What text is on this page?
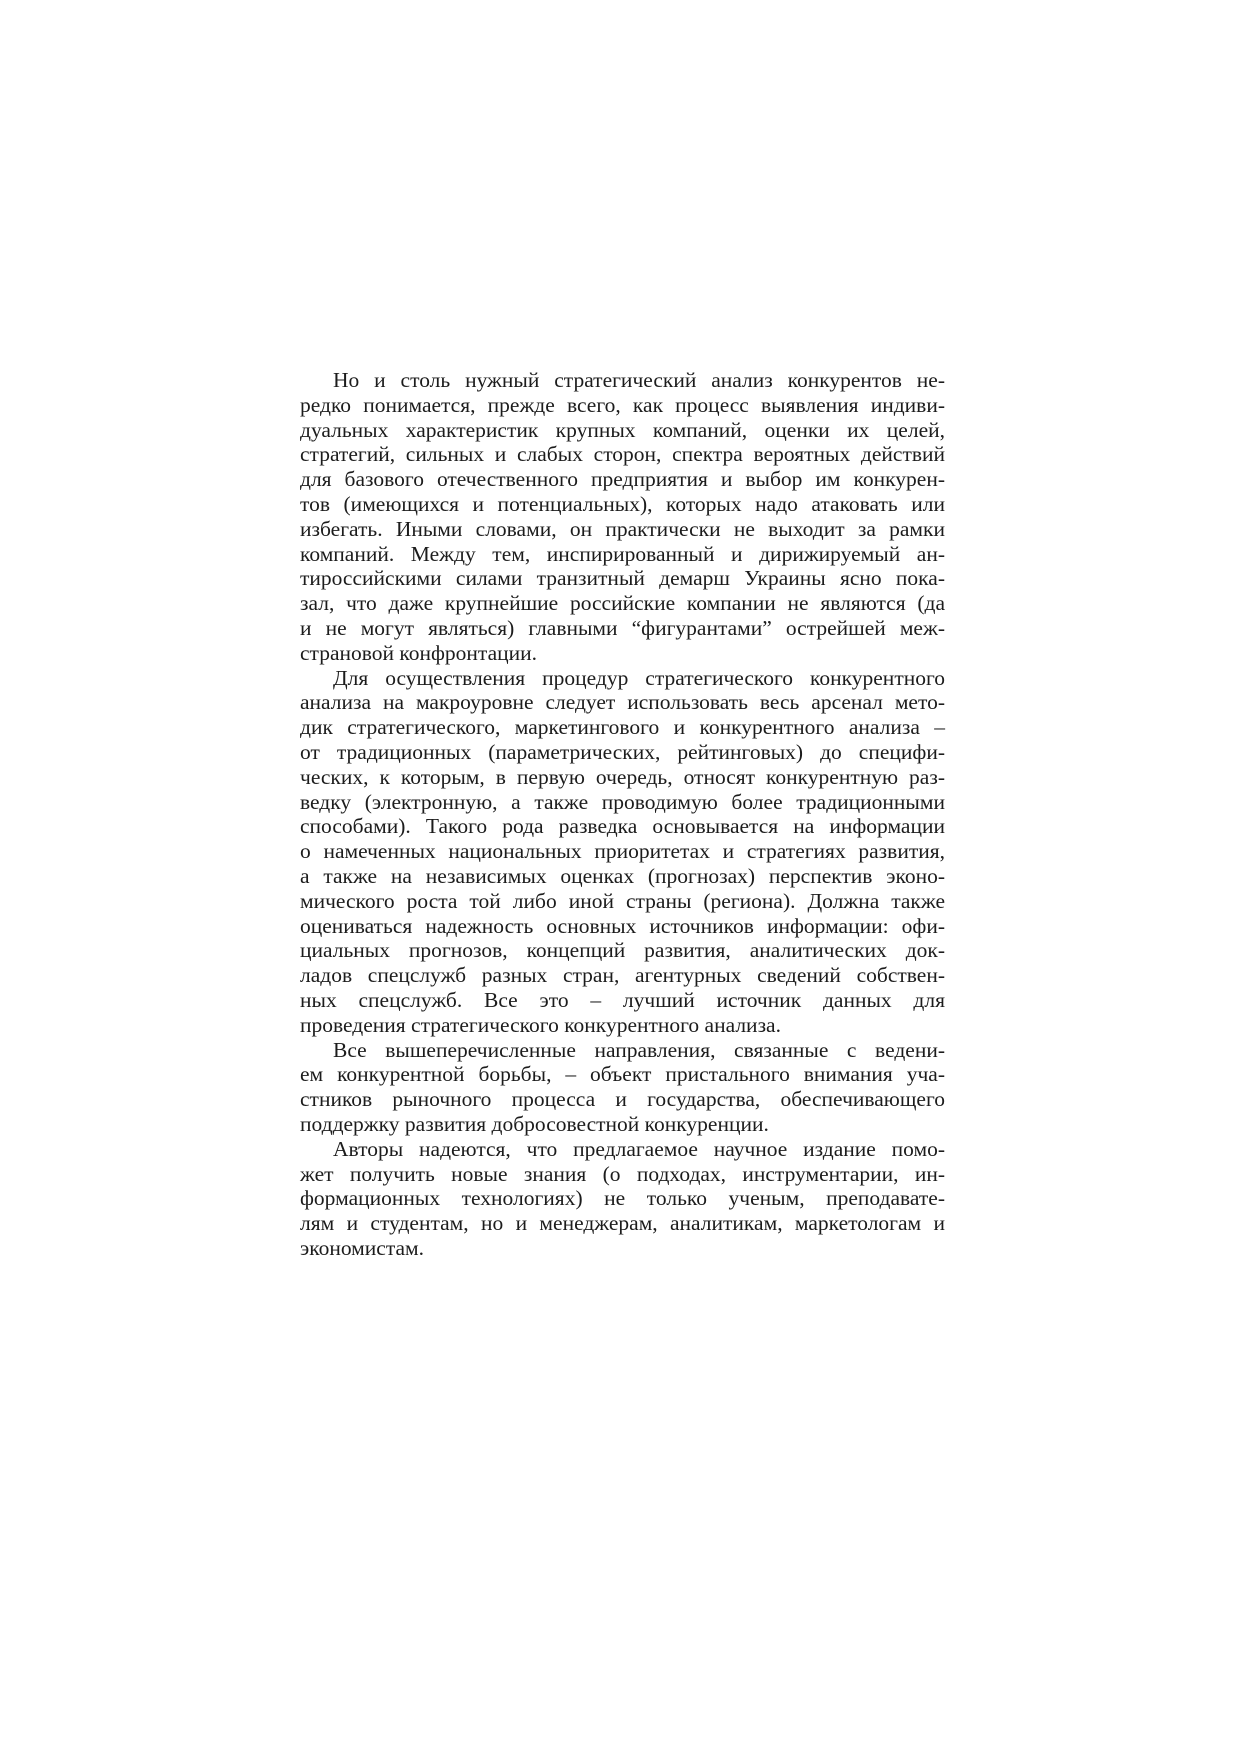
Но и столь нужный стратегический анализ конкурентов не-
редко понимается, прежде всего, как процесс выявления индиви-
дуальных характеристик крупных компаний, оценки их целей,
стратегий, сильных и слабых сторон, спектра вероятных действий
для базового отечественного предприятия и выбор им конкурен-
тов (имеющихся и потенциальных), которых надо атаковать или
избегать. Иными словами, он практически не выходит за рамки
компаний. Между тем, инспирированный и дирижируемый ан-
тироссийскими силами транзитный демарш Украины ясно пока-
зал, что даже крупнейшие российские компании не являются (да
и не могут являться) главными “фигурантами” острейшей меж-
страновой конфронтации.
Для осуществления процедур стратегического конкурентного
анализа на макроуровне следует использовать весь арсенал мето-
дик стратегического, маркетингового и конкурентного анализа –
от традиционных (параметрических, рейтинговых) до специфи-
ческих, к которым, в первую очередь, относят конкурентную раз-
ведку (электронную, а также проводимую более традиционными
способами). Такого рода разведка основывается на информации
о намеченных национальных приоритетах и стратегиях развития,
а также на независимых оценках (прогнозах) перспектив эконо-
мического роста той либо иной страны (региона). Должна также
оцениваться надежность основных источников информации: офи-
циальных прогнозов, концепций развития, аналитических док-
ладов спецслужб разных стран, агентурных сведений собствен-
ных спецслужб. Все это – лучший источник данных для
проведения стратегического конкурентного анализа.
Все вышеперечисленные направления, связанные с ведени-
ем конкурентной борьбы, – объект пристального внимания уча-
стников рыночного процесса и государства, обеспечивающего
поддержку развития добросовестной конкуренции.
Авторы надеются, что предлагаемое научное издание помо-
жет получить новые знания (о подходах, инструментарии, ин-
формационных технологиях) не только ученым, преподавате-
лям и студентам, но и менеджерам, аналитикам, маркетологам и
экономистам.
